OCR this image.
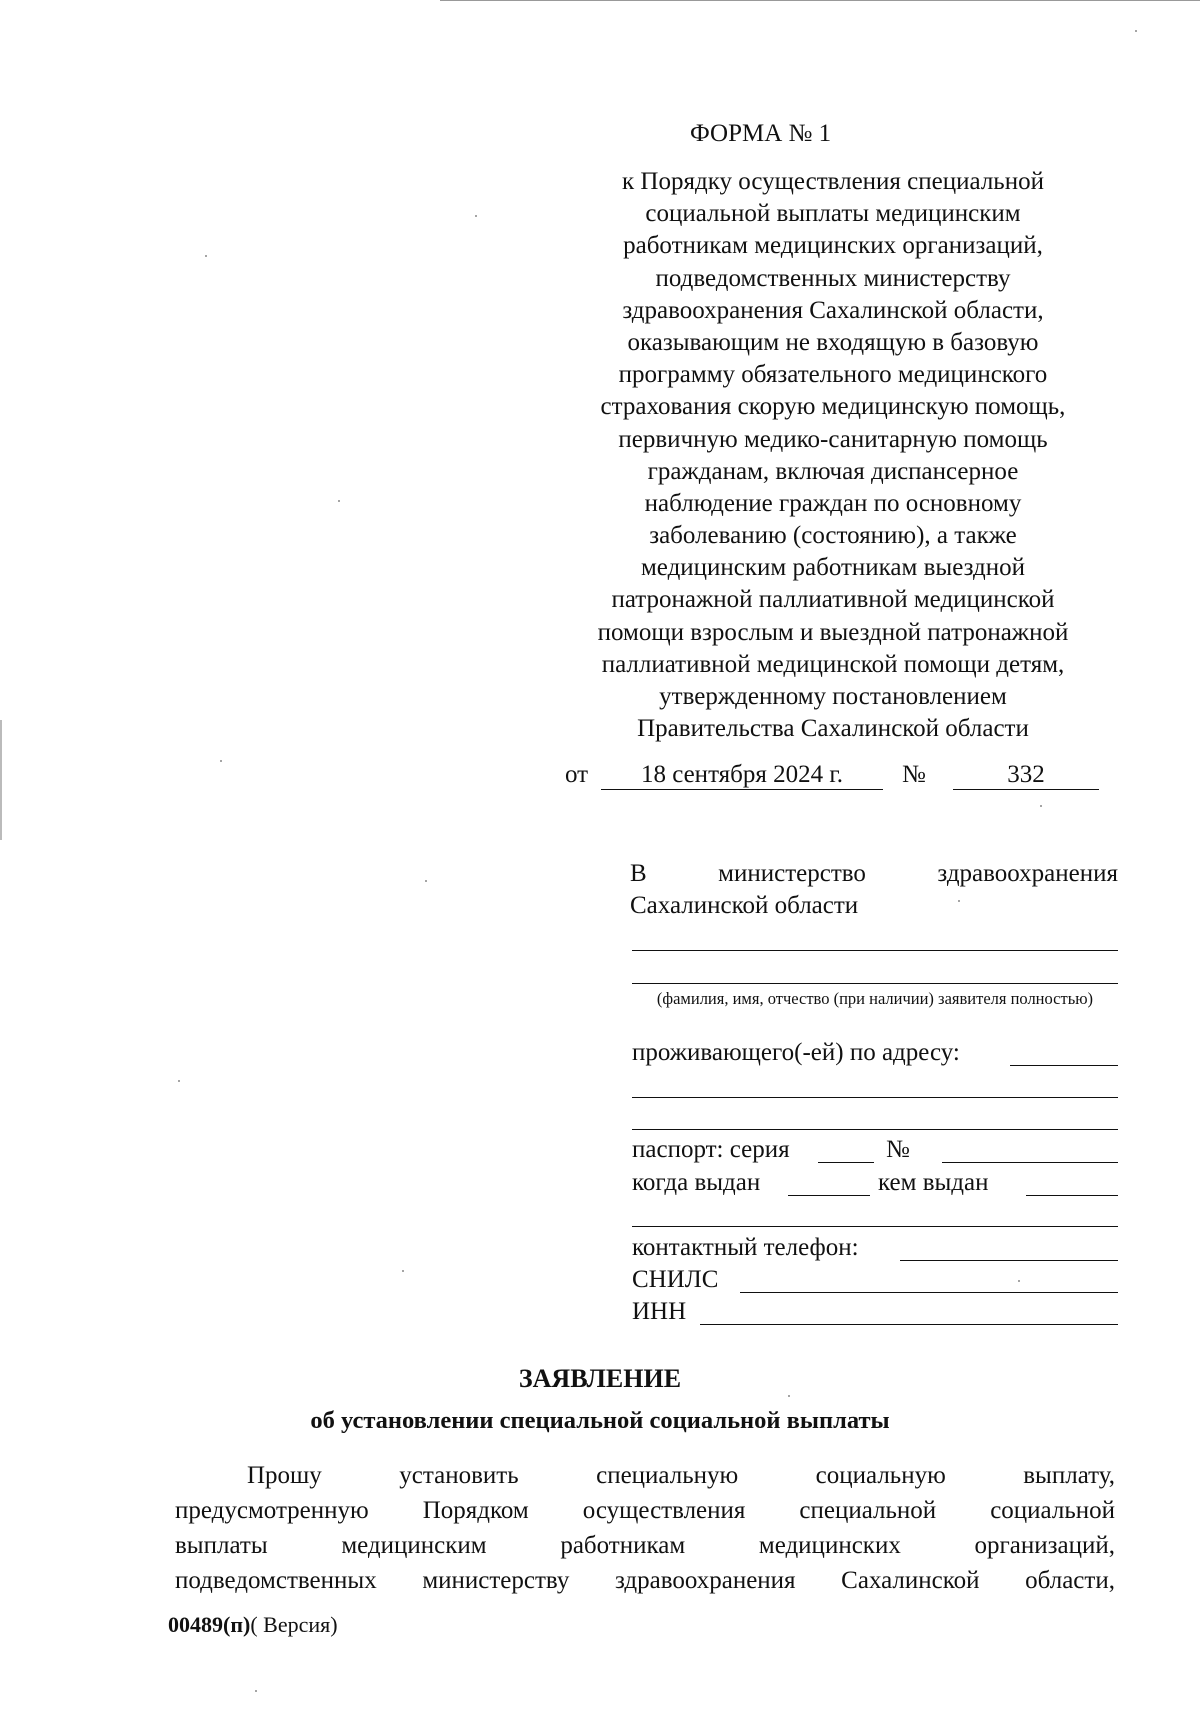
ФОРМА № 1
к Порядку осуществления специальной
социальной выплаты медицинским
работникам медицинских организаций,
подведомственных министерству
здравоохранения Сахалинской области,
оказывающим не входящую в базовую
программу обязательного медицинского
страхования скорую медицинскую помощь,
первичную медико-санитарную помощь
гражданам, включая диспансерное
наблюдение граждан по основному
заболеванию (состоянию), а также
медицинским работникам выездной
патронажной паллиативной медицинской
помощи взрослым и выездной патронажной
паллиативной медицинской помощи детям,
утвержденному постановлением
Правительства Сахалинской области
от	18 сентября 2024 г.	№	332
В	министерство	здравоохранения
Сахалинской области
(фамилия, имя, отчество (при наличии) заявителя полностью)
проживающего(-ей) по адресу:
паспорт: серия	№
когда выдан	кем выдан
контактный телефон:
СНИЛС
ИНН
ЗАЯВЛЕНИЕ
об установлении специальной социальной выплаты
Прошу	установить	специальную	социальную	выплату,
предусмотренную Порядком осуществления специальной социальной
выплаты	медицинским	работникам	медицинских	организаций,
подведомственных министерству здравоохранения Сахалинской области,
00489(п)( Версия)
